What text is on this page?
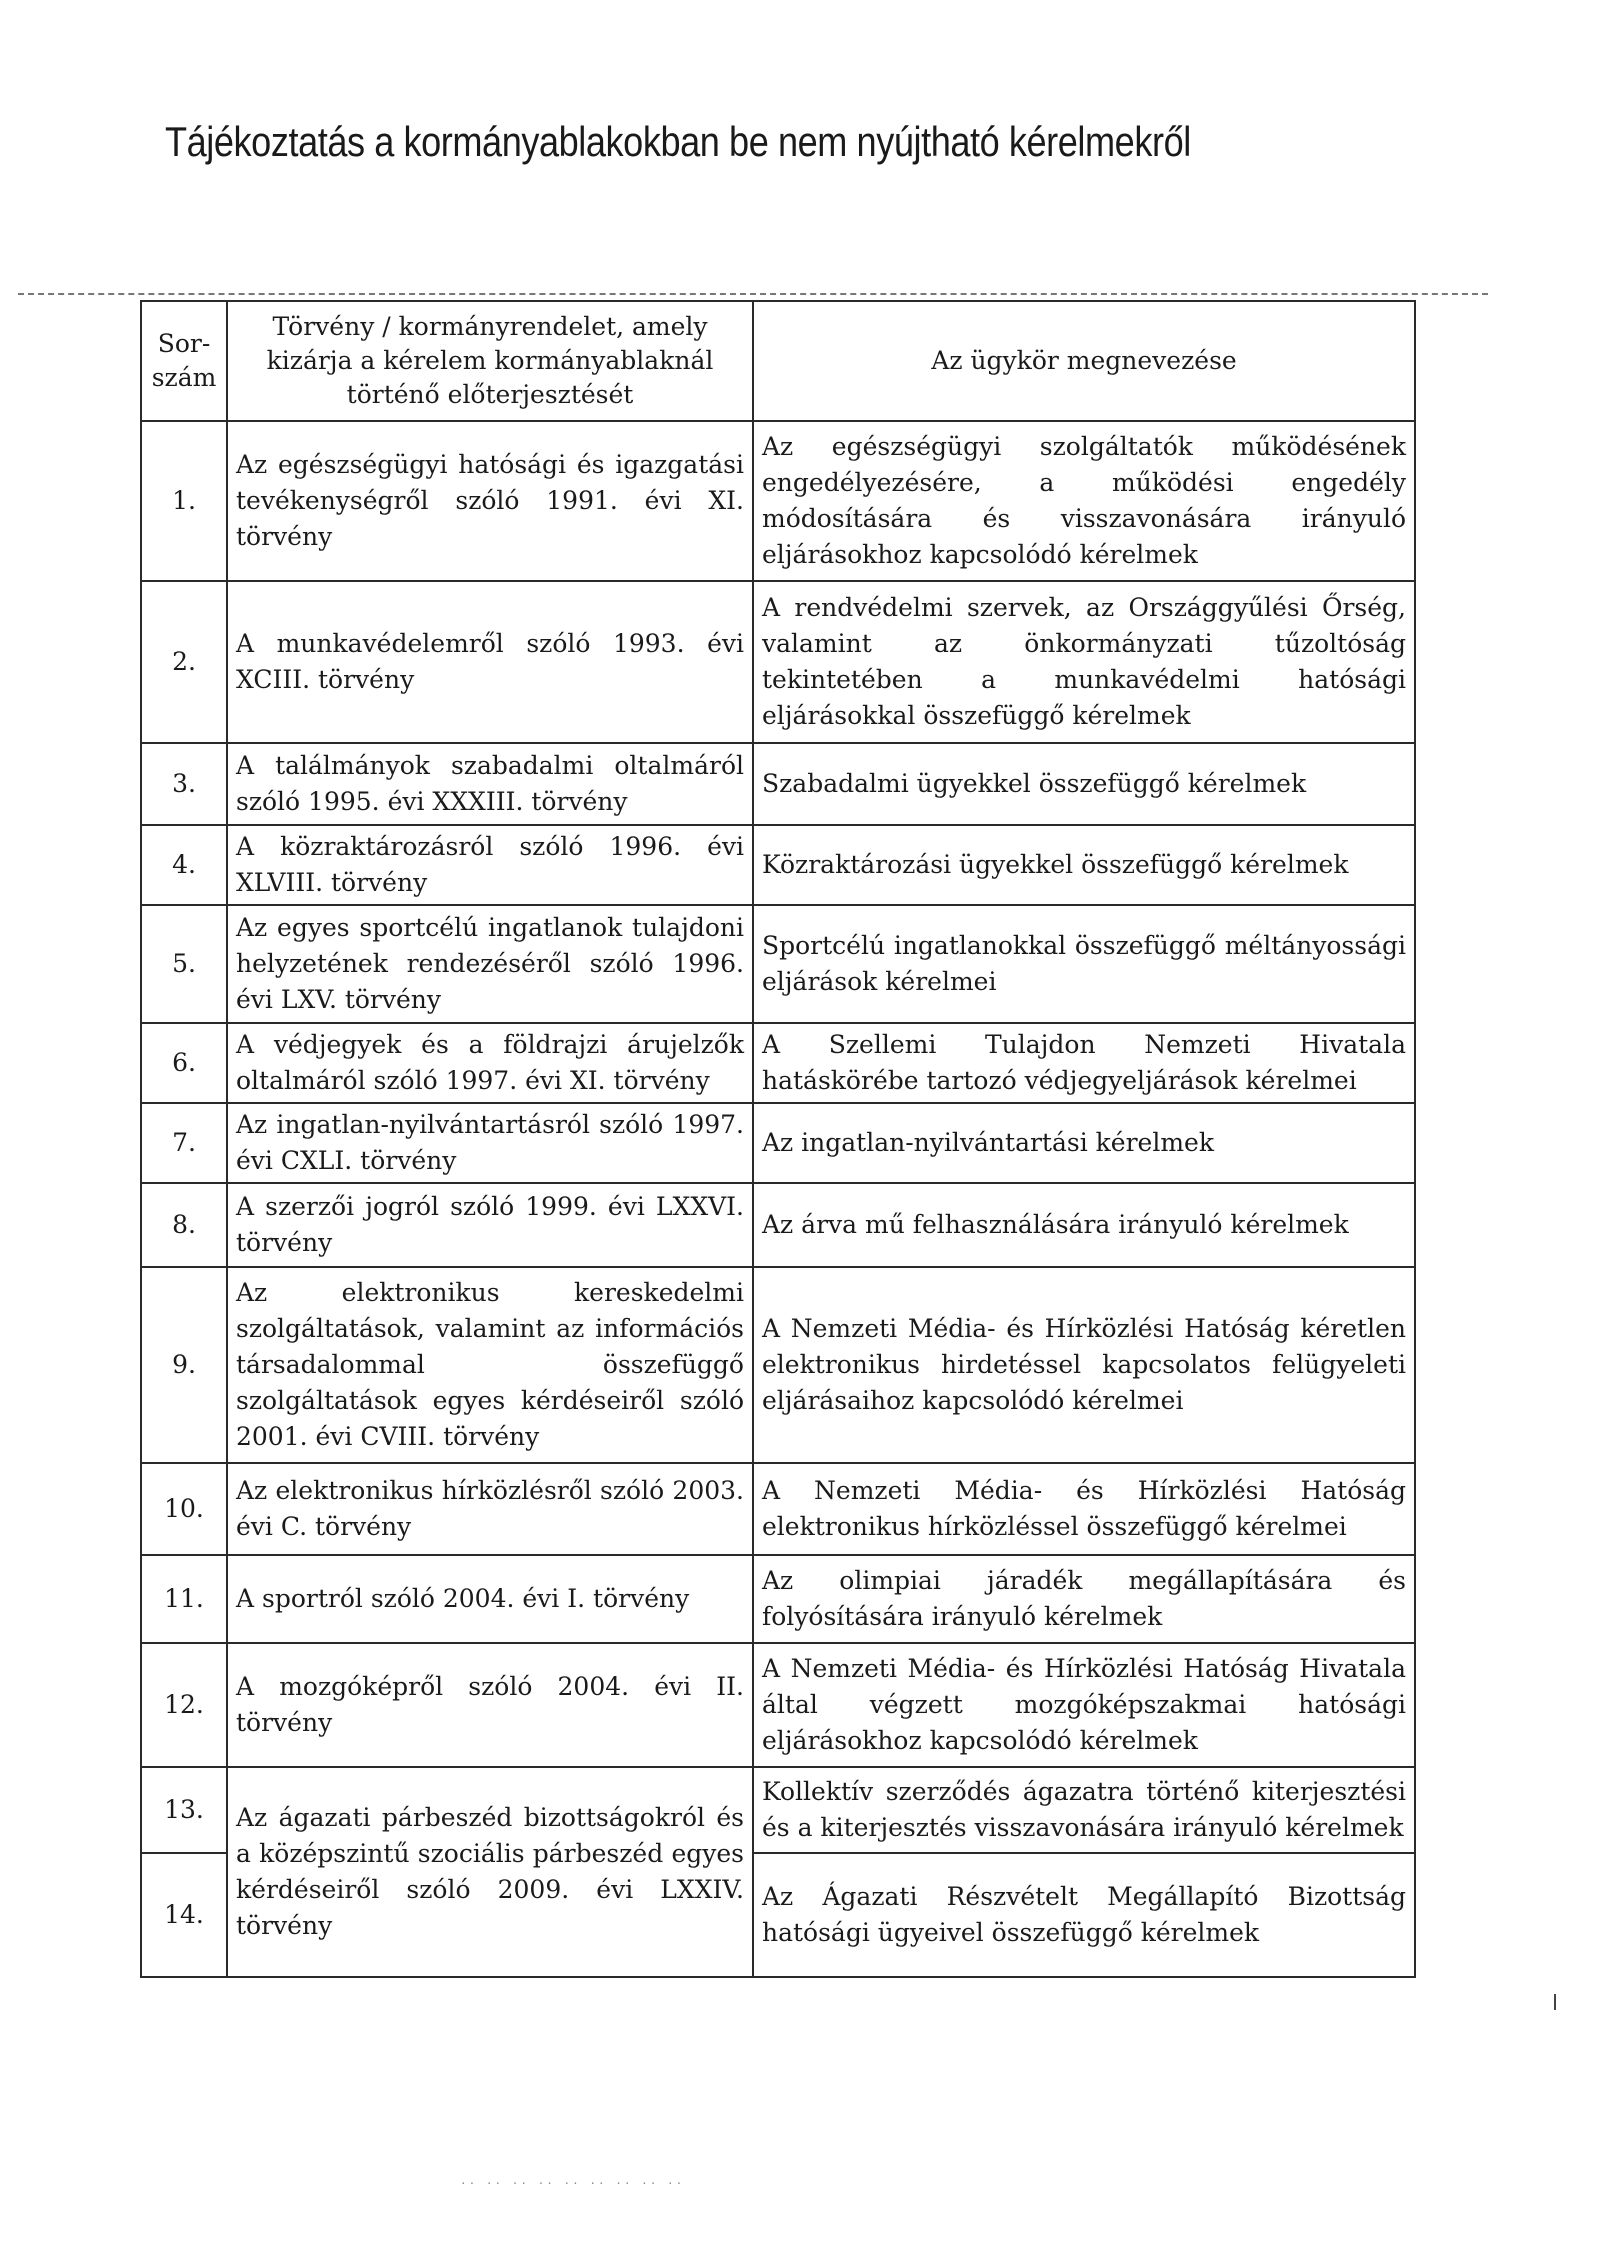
Tájékoztatás a kormányablakokban be nem nyújtható kérelmekről
Sor-szám	Törvény / kormányrendelet, amely kizárja a kérelem kormányablaknál történő előterjesztését	Az ügykör megnevezése
1.	Az egészségügyi hatósági és igazgatási tevékenységről szóló 1991. évi XI. törvény	Az egészségügyi szolgáltatók működésének engedélyezésére, a működési engedély módosítására és visszavonására irányuló eljárásokhoz kapcsolódó kérelmek
2.	A munkavédelemről szóló 1993. évi XCIII. törvény	A rendvédelmi szervek, az Országgyűlési Őrség, valamint az önkormányzati tűzoltóság tekintetében a munkavédelmi hatósági eljárásokkal összefüggő kérelmek
3.	A találmányok szabadalmi oltalmáról szóló 1995. évi XXXIII. törvény	Szabadalmi ügyekkel összefüggő kérelmek
4.	A közraktározásról szóló 1996. évi XLVIII. törvény	Közraktározási ügyekkel összefüggő kérelmek
5.	Az egyes sportcélú ingatlanok tulajdoni helyzetének rendezéséről szóló 1996. évi LXV. törvény	Sportcélú ingatlanokkal összefüggő méltányossági eljárások kérelmei
6.	A védjegyek és a földrajzi árujelzők oltalmáról szóló 1997. évi XI. törvény	A Szellemi Tulajdon Nemzeti Hivatala hatáskörébe tartozó védjegyeljárások kérelmei
7.	Az ingatlan-nyilvántartásról szóló 1997. évi CXLI. törvény	Az ingatlan-nyilvántartási kérelmek
8.	A szerzői jogról szóló 1999. évi LXXVI. törvény	Az árva mű felhasználására irányuló kérelmek
9.	Az elektronikus kereskedelmi szolgáltatások, valamint az információs társadalommal összefüggő szolgáltatások egyes kérdéseiről szóló 2001. évi CVIII. törvény	A Nemzeti Média- és Hírközlési Hatóság kéretlen elektronikus hirdetéssel kapcsolatos felügyeleti eljárásaihoz kapcsolódó kérelmei
10.	Az elektronikus hírközlésről szóló 2003. évi C. törvény	A Nemzeti Média- és Hírközlési Hatóság elektronikus hírközléssel összefüggő kérelmei
11.	A sportról szóló 2004. évi I. törvény	Az olimpiai járadék megállapítására és folyósítására irányuló kérelmek
12.	A mozgóképről szóló 2004. évi II. törvény	A Nemzeti Média- és Hírközlési Hatóság Hivatala által végzett mozgóképszakmai hatósági eljárásokhoz kapcsolódó kérelmek
13.	Az ágazati párbeszéd bizottságokról és a középszintű szociális párbeszéd egyes kérdéseiről szóló 2009. évi LXXIV. törvény	Kollektív szerződés ágazatra történő kiterjesztési és a kiterjesztés visszavonására irányuló kérelmek
14.		Az Ágazati Részvételt Megállapító Bizottság hatósági ügyeivel összefüggő kérelmek
·· ·· ·· ·· ·· ·· ·· ·· ··
